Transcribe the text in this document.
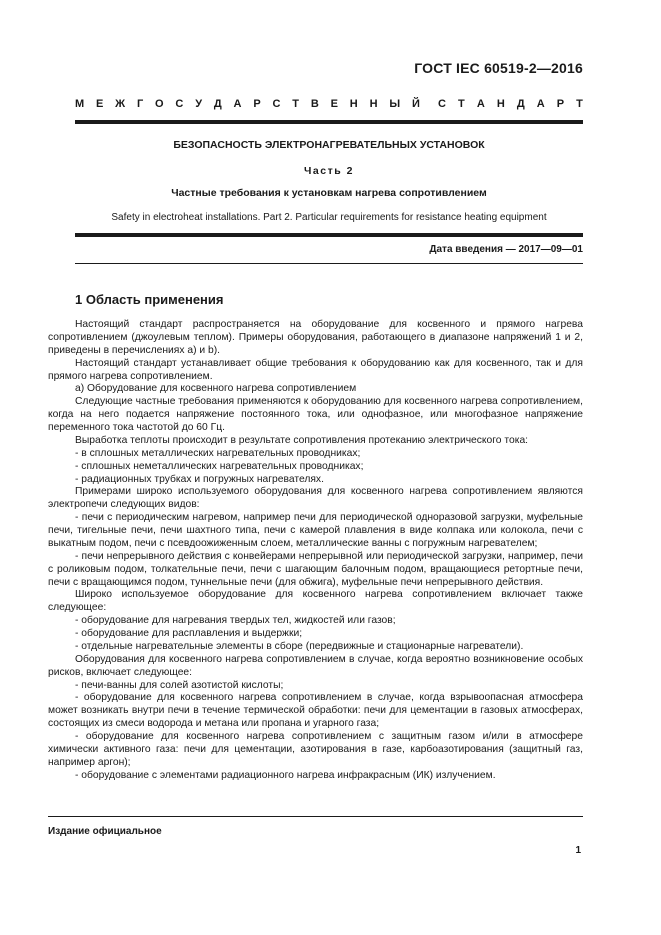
ГОСТ IEC 60519-2—2016
М Е Ж Г О С У Д А Р С Т В Е Н Н Ы Й С Т А Н Д А Р Т
БЕЗОПАСНОСТЬ ЭЛЕКТРОНАГРЕВАТЕЛЬНЫХ УСТАНОВОК
Часть 2
Частные требования к установкам нагрева сопротивлением
Safety in electroheat installations. Part 2. Particular requirements for resistance heating equipment
Дата введения — 2017—09—01
1 Область применения

Настоящий стандарт распространяется на оборудование для косвенного и прямого нагрева сопротивлением (джоулевым теплом). Примеры оборудования, работающего в диапазоне напряжений 1 и 2, приведены в перечислениях a) и b).

Настоящий стандарт устанавливает общие требования к оборудованию как для косвенного, так и для прямого нагрева сопротивлением.

а) Оборудование для косвенного нагрева сопротивлением

Следующие частные требования применяются к оборудованию для косвенного нагрева сопротивлением, когда на него подается напряжение постоянного тока, или однофазное, или многофазное напряжение переменного тока частотой до 60 Гц.

Выработка теплоты происходит в результате сопротивления протеканию электрического тока:

- в сплошных металлических нагревательных проводниках;

- сплошных неметаллических нагревательных проводниках;

- радиационных трубках и погружных нагревателях.

Примерами широко используемого оборудования для косвенного нагрева сопротивлением являются электропечи следующих видов:

- печи с периодическим нагревом, например печи для периодической одноразовой загрузки, муфельные печи, тигельные печи, печи шахтного типа, печи с камерой плавления в виде колпака или колокола, печи с выкатным подом, печи с псевдоожиженным слоем, металлические ванны с погружным нагревателем;

- печи непрерывного действия с конвейерами непрерывной или периодической загрузки, например, печи с роликовым подом, толкательные печи, печи с шагающим балочным подом, вращающиеся ретортные печи, печи с вращающимся подом, туннельные печи (для обжига), муфельные печи непрерывного действия.

Широко используемое оборудование для косвенного нагрева сопротивлением включает также следующее:

- оборудование для нагревания твердых тел, жидкостей или газов;

- оборудование для расплавления и выдержки;

- отдельные нагревательные элементы в сборе (передвижные и стационарные нагреватели).

Оборудования для косвенного нагрева сопротивлением в случае, когда вероятно возникновение особых рисков, включает следующее:

- печи-ванны для солей азотистой кислоты;

- оборудование для косвенного нагрева сопротивлением в случае, когда взрывоопасная атмосфера может возникать внутри печи в течение термической обработки: печи для цементации в газовых атмосферах, состоящих из смеси водорода и метана или пропана и угарного газа;

- оборудование для косвенного нагрева сопротивлением с защитным газом и/или в атмосфере химически активного газа: печи для цементации, азотирования в газе, карбоазотирования (защитный газ, например аргон);

- оборудование с элементами радиационного нагрева инфракрасным (ИК) излучением.

Издание официальное
1
